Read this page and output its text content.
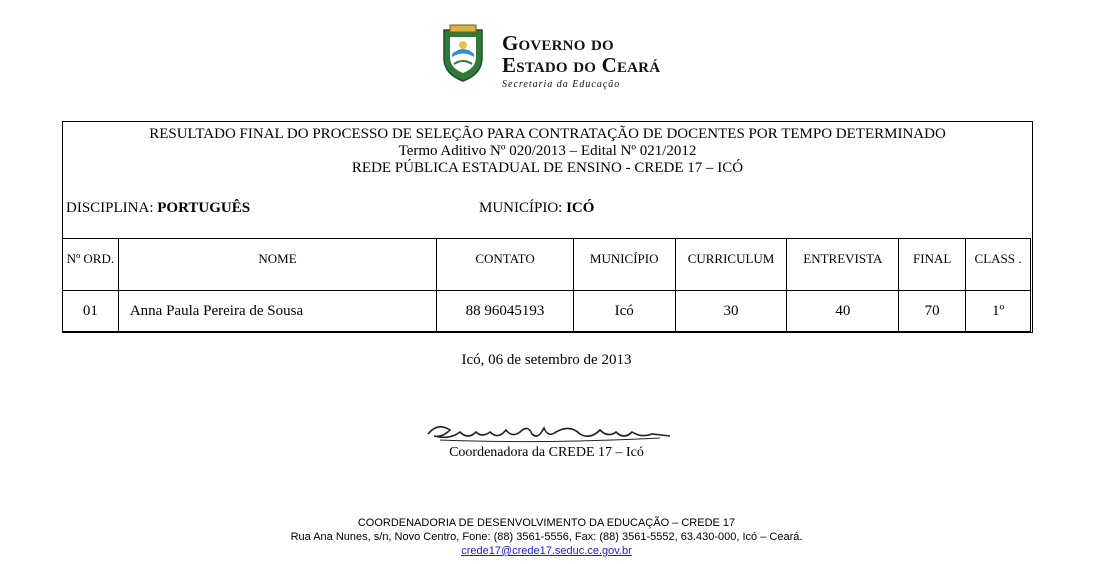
Governo do
Estado do Ceará
Secretaria da Educação
RESULTADO FINAL DO PROCESSO DE SELEÇÃO PARA CONTRATAÇÃO DE DOCENTES POR TEMPO DETERMINADO
Termo Aditivo Nº 020/2013 – Edital Nº 021/2012
REDE PÚBLICA ESTADUAL DE ENSINO - CREDE 17 – ICÓ
DISCIPLINA: PORTUGUÊS	MUNICÍPIO: ICÓ
Nº ORD.	NOME	CONTATO	MUNICÍPIO	CURRICULUM	ENTREVISTA	FINAL	CLASS .
01	Anna Paula Pereira de Sousa	88 96045193	Icó	30	40	70	1º
Icó, 06 de setembro de 2013
Coordenadora da CREDE 17 – Icó
COORDENADORIA DE DESENVOLVIMENTO DA EDUCAÇÃO – CREDE 17
Rua Ana Nunes, s/n, Novo Centro, Fone: (88) 3561-5556, Fax: (88) 3561-5552, 63.430-000, Icó – Ceará.
crede17@crede17.seduc.ce.gov.br
